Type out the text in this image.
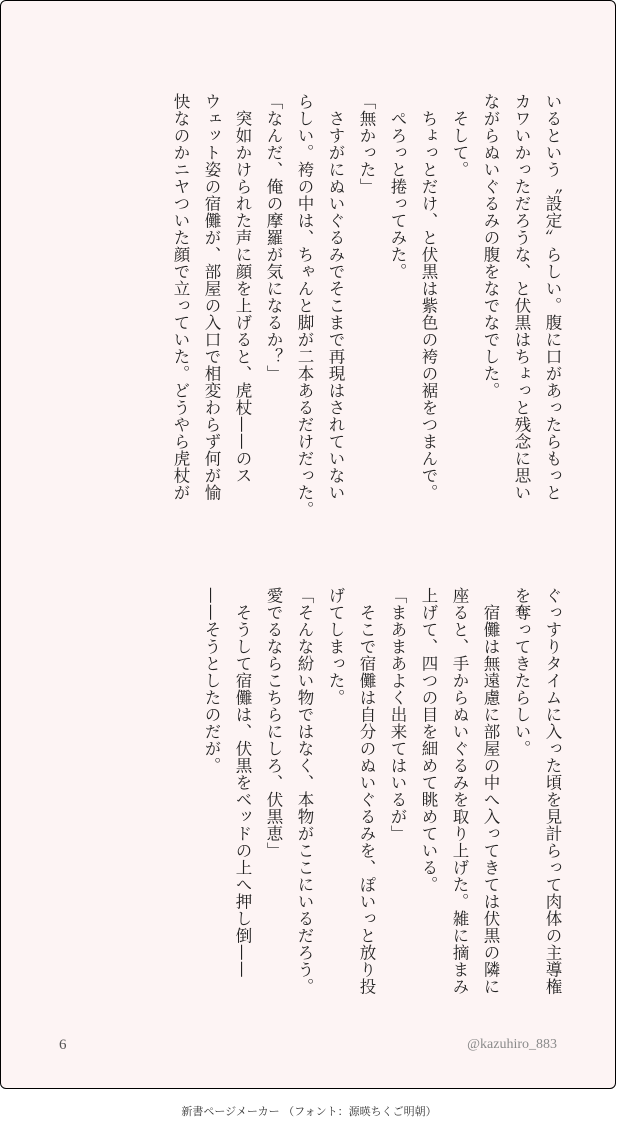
いるという〝設定〟らしい。腹に口があったらもっと
カワいかっただろうな、と伏黒はちょっと残念に思い
ながらぬいぐるみの腹をなでなでした。
そして。
ちょっとだけ、と伏黒は紫色の袴の裾をつまんで。
ぺろっと捲ってみた。
「無かった」
さすがにぬいぐるみでそこまで再現はされていない
らしい。袴の中は、ちゃんと脚が二本あるだけだった。
「なんだ、俺の摩羅が気になるか？」
突如かけられた声に顔を上げると、虎杖——のス
ウェット姿の宿儺が、部屋の入口で相変わらず何が愉
快なのかニヤついた顔で立っていた。どうやら虎杖が
ぐっすりタイムに入った頃を見計らって肉体の主導権
を奪ってきたらしい。
宿儺は無遠慮に部屋の中へ入ってきては伏黒の隣に
座ると、手からぬいぐるみを取り上げた。雑に摘まみ
上げて、四つの目を細めて眺めている。
「まあまあよく出来てはいるが」
そこで宿儺は自分のぬいぐるみを、ぽいっと放り投
げてしまった。
「そんな紛い物ではなく、本物がここにいるだろう。
愛でるならこちらにしろ、伏黒恵」
そうして宿儺は、伏黒をベッドの上へ押し倒——
——そうとしたのだが。
6	@kazuhiro_883
新書ページメーカー （フォント：源暎ちくご明朝）
